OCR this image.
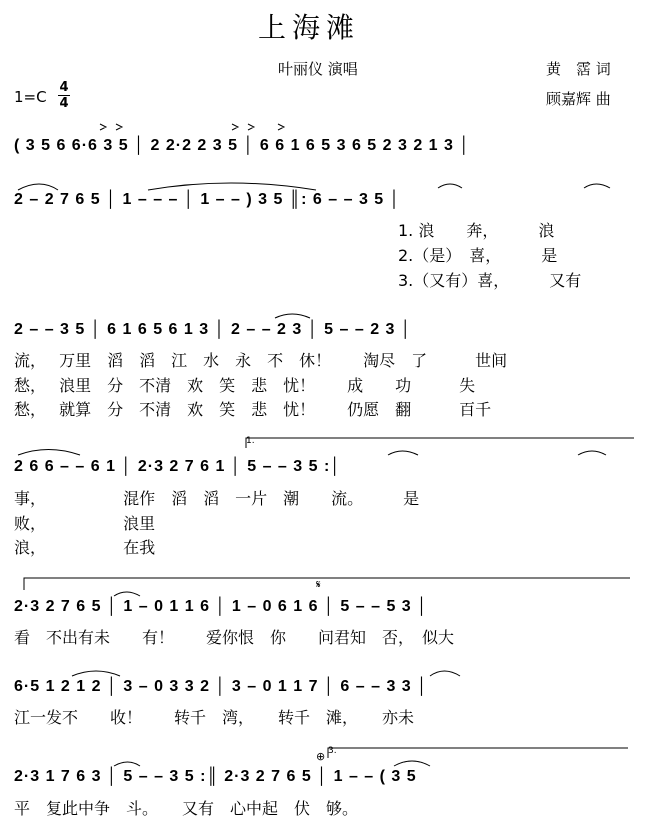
上海滩
叶丽仪 演唱	黄　霑 词
顾嘉辉 曲
1=C
4
4
( 3 5 6 6·6 3 5 │ 2 2·2 2 3 5 │ 6 6 1 6 5 3 6 5 2 3 2 1 3 │
2 – 2 7 6 5 │ 1 – – – │ 1 – – ) 3 5 ║: 6 – – 3 5 │
1. 浪　　奔，　　　浪
2.（是）　喜，　　　是
3.（又有）喜，　　　又有
2 – – 3 5 │ 6 1 6 5 6 1 3 │ 2 – – 2 3 │ 5 – – 2 3 │
流，　 万里　滔　滔　江　水　永　不　休！　　淘尽　了　　　世间
愁，　 浪里　分　不清　欢　笑　悲　忧！　　成　　功　　　失
愁，　 就算　分　不清　欢　笑　悲　忧！　　仍愿　翻　　　百千
2 6 6 – – 6 1 │ 2·3 2 7 6 1 │ 5 – – 3 5 :│
事，　　　　　 混作　滔　滔　一片　潮　　流。　　　是
败，　　　　　 浪里
浪，　　　　　 在我
1.
2·3 2 7 6 5 │ 1 – 0 1 1 6 │ 1 – 0 6 1 6 │ 5 – – 5 3 │
看　不出有未　　有！　　爱你恨　你　　问君知　否，　似大
6·5 1 2 1 2 │ 3 – 0 3 3 2 │ 3 – 0 1 1 7 │ 6 – – 3 3 │
江一发不　　收！　　转千　湾，　　转千　滩，　　亦未
2·3 1 7 6 3 │ 5 – – 3 5 :║ 2·3 2 7 6 5 │ 1 – – ( 3 5
平　复此中争　斗。　　又有　心中起　伏　够。
3.
𝄋
⊕
